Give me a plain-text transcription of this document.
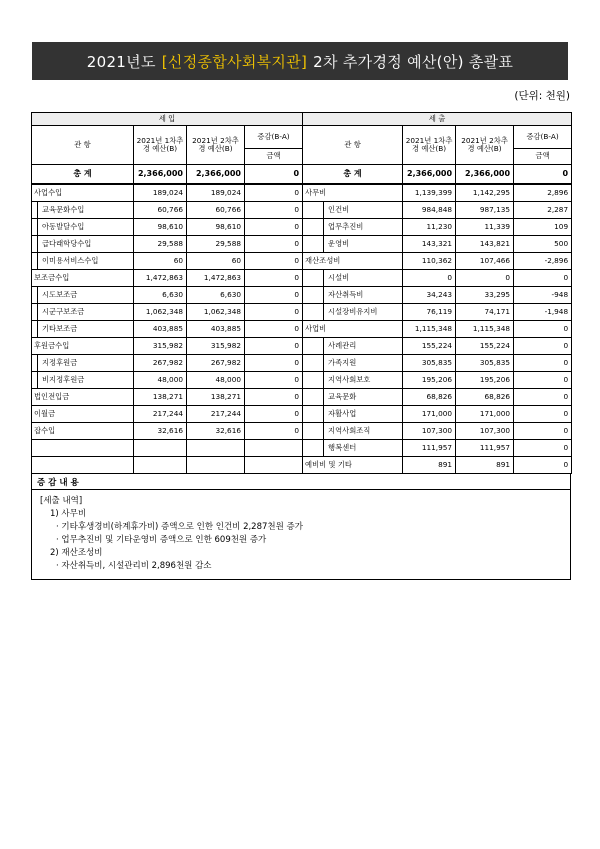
2021년도 [신정종합사회복지관] 2차 추가경정 예산(안) 총괄표
(단위: 천원)
세 입				세 출			
관 항	2021년 1차추경 예산(B)	2021년 2차추경 예산(B)	증감(B-A)	관 항	2021년 1차추경 예산(B)	2021년 2차추경 예산(B)	증감(B-A)
			금액				금액
총 계	2,366,000	2,366,000	0	총 계	2,366,000	2,366,000	0
사업수입	189,024	189,024	0	사무비	1,139,399	1,142,295	2,896

교육문화수입	60,766	60,766	0	인건비	984,848	987,135	2,287

아동발달수입	98,610	98,610	0	업무추진비	11,230	11,339	109

급다래학당수입	29,588	29,588	0	운영비	143,321	143,821	500

이미용서비스수입	60	60	0	재산조성비	110,362	107,466	-2,896
보조금수입	1,472,863	1,472,863	0	시설비	0	0	0

시도보조금	6,630	6,630	0	자산취득비	34,243	33,295	-948

시군구보조금	1,062,348	1,062,348	0	시설장비유지비	76,119	74,171	-1,948

기타보조금	403,885	403,885	0	사업비	1,115,348	1,115,348	0
후원금수입	315,982	315,982	0	사례관리	155,224	155,224	0

지정후원금	267,982	267,982	0	가족지원	305,835	305,835	0

비지정후원금	48,000	48,000	0	지역사회보호	195,206	195,206	0
법인전입금	138,271	138,271	0	교육문화	68,826	68,826	0
이월금	217,244	217,244	0	자활사업	171,000	171,000	0
잡수입	32,616	32,616	0	지역사회조직	107,300	107,300	0

				행복센터	111,957	111,957	0
				예비비 및 기타	891	891	0
증 감 내 용
[세출 내역]
1) 사무비
· 기타후생경비(하계휴가비) 증액으로 인한 인건비 2,287천원 증가
· 업무추진비 및 기타운영비 증액으로 인한 609천원 증가
2) 재산조성비
· 자산취득비, 시설관리비 2,896천원 감소
